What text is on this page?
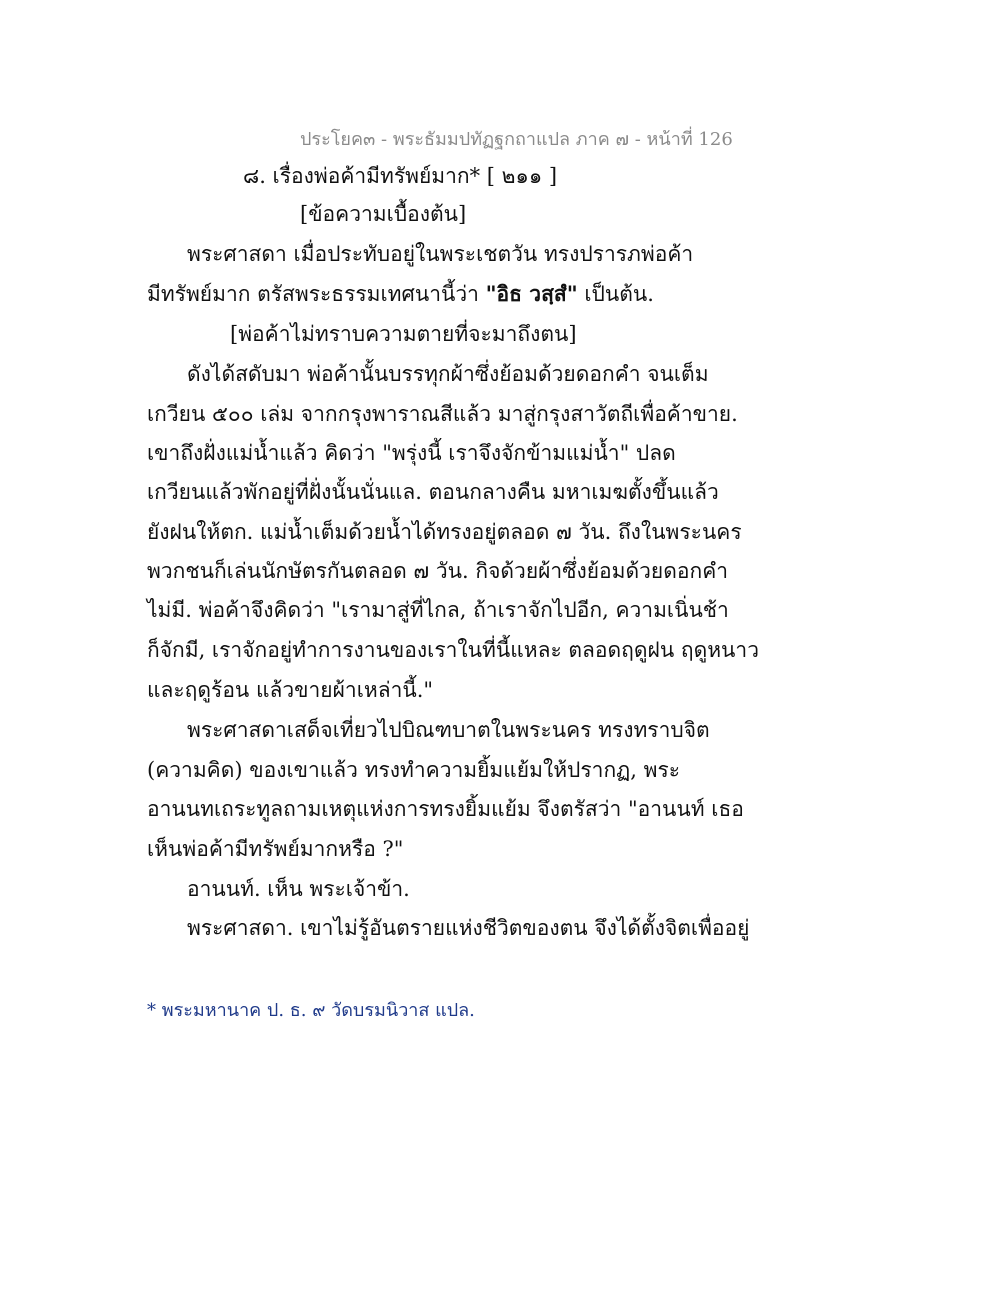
ประโยค๓ - พระธัมมปทัฏฐกถาแปล ภาค ๗ - หน้าที่ 126
๘. เรื่องพ่อค้ามีทรัพย์มาก* [ ๒๑๑ ]
[ข้อความเบื้องต้น]
พระศาสดา เมื่อประทับอยู่ในพระเชตวัน ทรงปรารภพ่อค้า
มีทรัพย์มาก ตรัสพระธรรมเทศนานี้ว่า "อิธ วสฺสํ" เป็นต้น.
[พ่อค้าไม่ทราบความตายที่จะมาถึงตน]
ดังได้สดับมา พ่อค้านั้นบรรทุกผ้าซึ่งย้อมด้วยดอกคำ จนเต็ม
เกวียน ๕๐๐ เล่ม จากกรุงพาราณสีแล้ว มาสู่กรุงสาวัตถีเพื่อค้าขาย.
เขาถึงฝั่งแม่น้ำแล้ว คิดว่า "พรุ่งนี้ เราจึงจักข้ามแม่น้ำ" ปลด
เกวียนแล้วพักอยู่ที่ฝั่งนั้นนั่นแล. ตอนกลางคืน มหาเมฆตั้งขึ้นแล้ว
ยังฝนให้ตก. แม่น้ำเต็มด้วยน้ำได้ทรงอยู่ตลอด ๗ วัน. ถึงในพระนคร
พวกชนก็เล่นนักษัตรกันตลอด ๗ วัน. กิจด้วยผ้าซึ่งย้อมด้วยดอกคำ
ไม่มี. พ่อค้าจึงคิดว่า "เรามาสู่ที่ไกล, ถ้าเราจักไปอีก, ความเนิ่นช้า
ก็จักมี, เราจักอยู่ทำการงานของเราในที่นี้แหละ ตลอดฤดูฝน ฤดูหนาว
และฤดูร้อน แล้วขายผ้าเหล่านี้."
พระศาสดาเสด็จเที่ยวไปบิณฑบาตในพระนคร ทรงทราบจิต
(ความคิด) ของเขาแล้ว ทรงทำความยิ้มแย้มให้ปรากฏ, พระ
อานนทเถระทูลถามเหตุแห่งการทรงยิ้มแย้ม จึงตรัสว่า "อานนท์ เธอ
เห็นพ่อค้ามีทรัพย์มากหรือ ?"
อานนท์. เห็น พระเจ้าข้า.
พระศาสดา. เขาไม่รู้อันตรายแห่งชีวิตของตน จึงได้ตั้งจิตเพื่ออยู่
* พระมหานาค ป. ธ. ๙ วัดบรมนิวาส แปล.
